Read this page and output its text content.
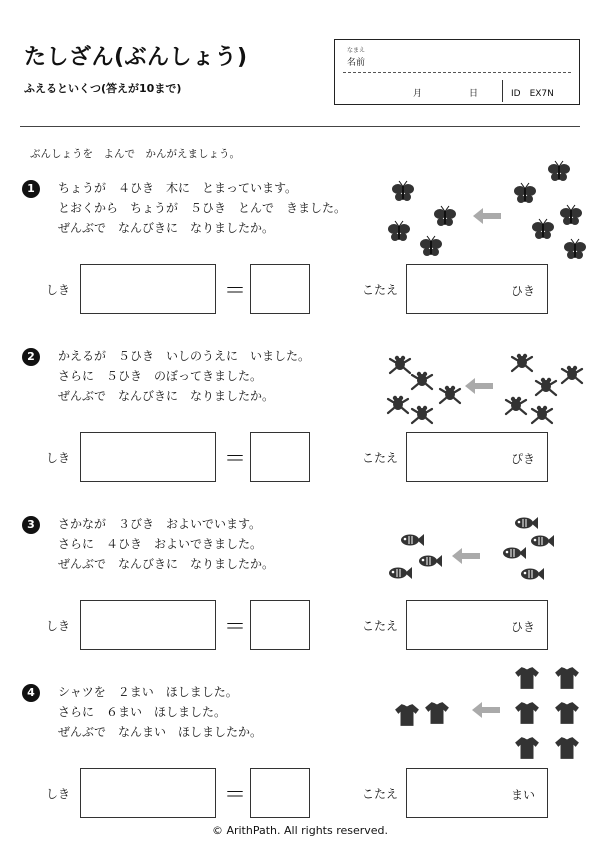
たしざん(ぶんしょう)
ふえるといくつ(答えが10まで)
なまえ
名前
月	日	ID　EX7N
ぶんしょうを　よんで　かんがえましょう。
1	ちょうが　４ひき　木に　とまっています。
とおくから　ちょうが　５ひき　とんで　きました。
ぜんぶで　なんびきに　なりましたか。
しき	＝	こたえ	ひき
2	かえるが　５ひき　いしのうえに　いました。
さらに　５ひき　のぼってきました。
ぜんぶで　なんびきに　なりましたか。
しき	＝	こたえ	ぴき
3	さかなが　３びき　およいでいます。
さらに　４ひき　およいできました。
ぜんぶで　なんびきに　なりましたか。
しき	＝	こたえ	ひき
4	シャツを　２まい　ほしました。
さらに　６まい　ほしました。
ぜんぶで　なんまい　ほしましたか。
しき	＝	こたえ	まい
© ArithPath. All rights reserved.
